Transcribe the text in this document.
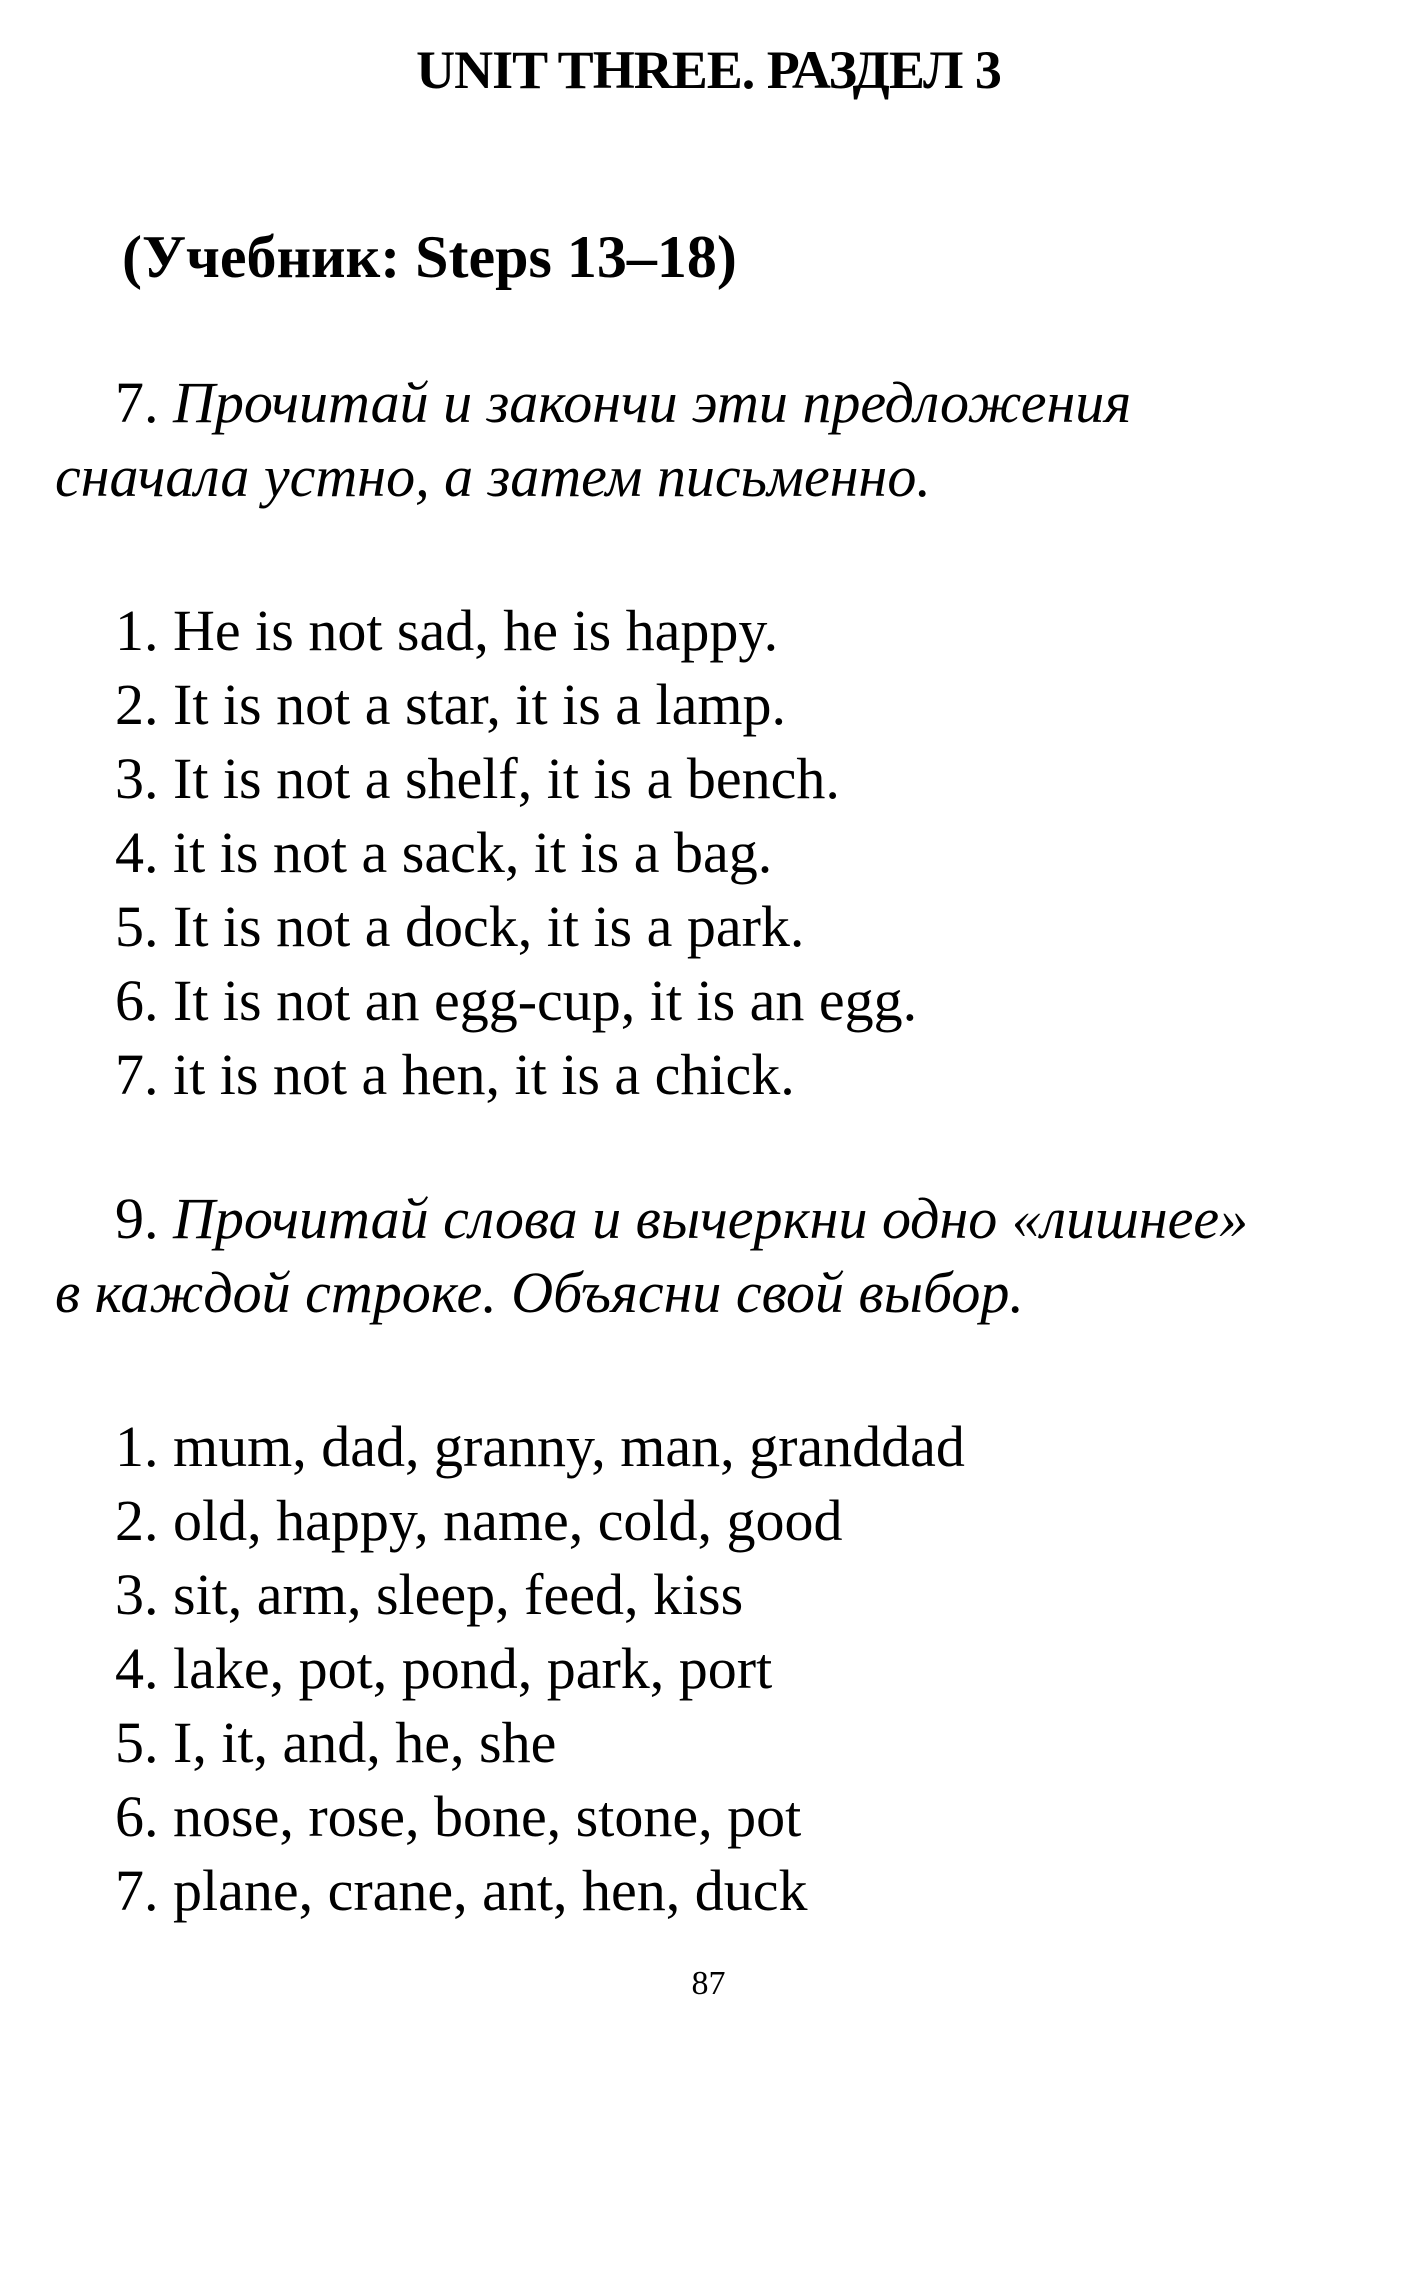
UNIT THREE. РАЗДЕЛ 3
(Учебник: Steps 13–18)
7. Прочитай и закончи эти предложения
сначала устно, а затем письменно.
1. He is not sad, he is happy.
2. It is not a star, it is a lamp.
3. It is not a shelf, it is a bench.
4. it is not a sack, it is a bag.
5. It is not a dock, it is a park.
6. It is not an egg-cup, it is an egg.
7. it is not a hen, it is a chick.
9. Прочитай слова и вычеркни одно «лишнее»
в каждой строке. Объясни свой выбор.
1. mum, dad, granny, man, granddad
2. old, happy, name, cold, good
3. sit, arm, sleep, feed, kiss
4. lake, pot, pond, park, port
5. I, it, and, he, she
6. nose, rose, bone, stone, pot
7. plane, crane, ant, hen, duck
87
